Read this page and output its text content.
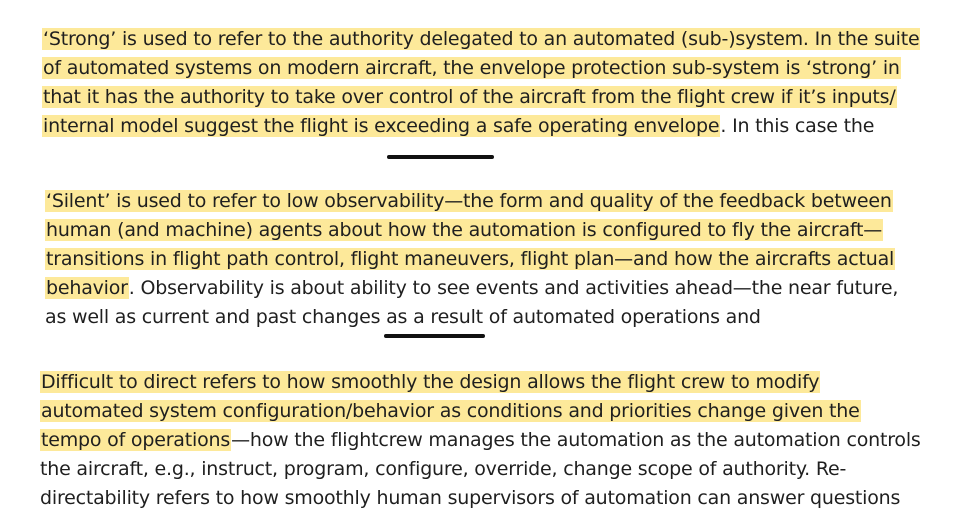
‘Strong’ is used to refer to the authority delegated to an automated (sub-)system. In the suite
of automated systems on modern aircraft, the envelope protection sub-system is ‘strong’ in
that it has the authority to take over control of the aircraft from the flight crew if it’s inputs/
internal model suggest the flight is exceeding a safe operating envelope. In this case the
‘Silent’ is used to refer to low observability—the form and quality of the feedback between
human (and machine) agents about how the automation is configured to fly the aircraft—
transitions in flight path control, flight maneuvers, flight plan—and how the aircrafts actual
behavior. Observability is about ability to see events and activities ahead—the near future,
as well as current and past changes as a result of automated operations and
Difficult to direct refers to how smoothly the design allows the flight crew to modify
automated system configuration/behavior as conditions and priorities change given the
tempo of operations—how the flightcrew manages the automation as the automation controls
the aircraft, e.g., instruct, program, configure, override, change scope of authority. Re-
directability refers to how smoothly human supervisors of automation can answer questions
